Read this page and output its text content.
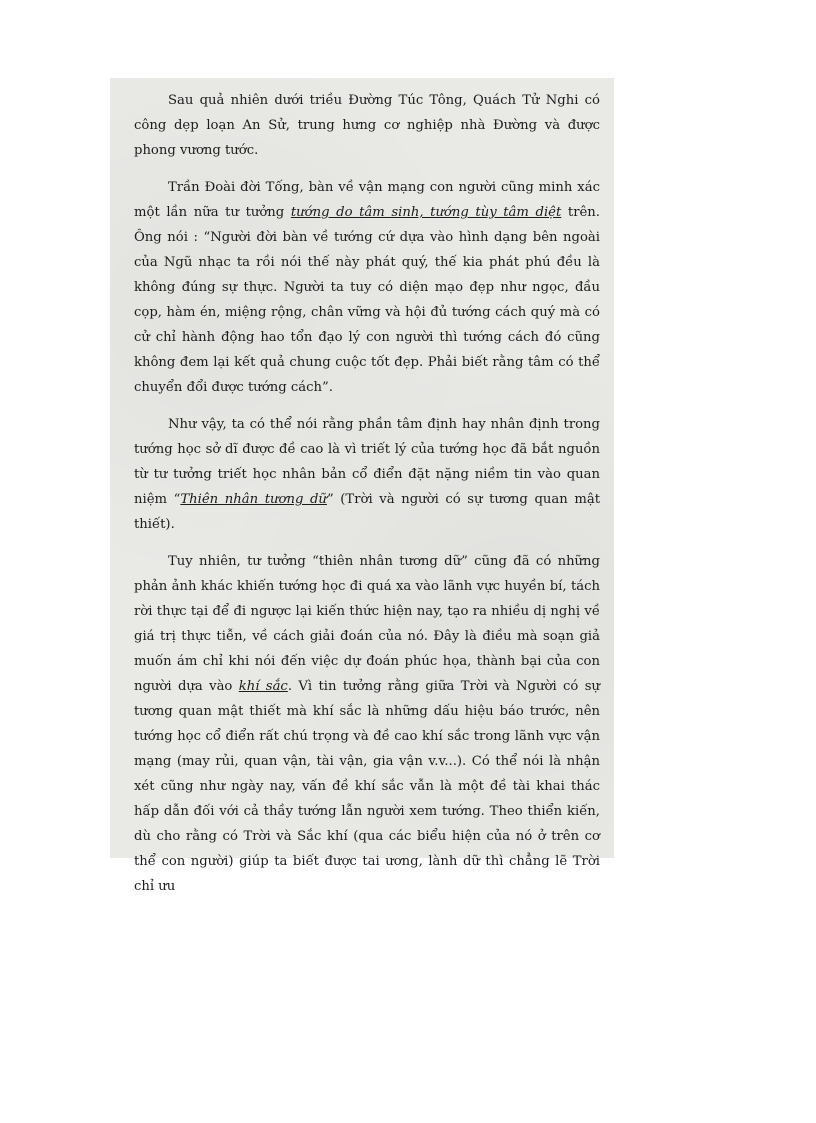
Sau quả nhiên dưới triều Đường Túc Tông, Quách Tử Nghi có công dẹp loạn An Sử, trung hưng cơ nghiệp nhà Đường và được phong vương tước.

Trần Đoài đời Tống, bàn về vận mạng con người cũng minh xác một lần nữa tư tưởng tướng do tâm sinh, tướng tùy tâm diệt trên. Ông nói : “Người đời bàn về tướng cứ dựa vào hình dạng bên ngoài của Ngũ nhạc ta rồi nói thế này phát quý, thế kia phát phú đều là không đúng sự thực. Người ta tuy có diện mạo đẹp như ngọc, đầu cọp, hàm én, miệng rộng, chân vững và hội đủ tướng cách quý mà có cử chỉ hành động hao tổn đạo lý con người thì tướng cách đó cũng không đem lại kết quả chung cuộc tốt đẹp. Phải biết rằng tâm có thể chuyển đổi được tướng cách”.

Như vậy, ta có thể nói rằng phần tâm định hay nhân định trong tướng học sở dĩ được đề cao là vì triết lý của tướng học đã bắt nguồn từ tư tưởng triết học nhân bản cổ điển đặt nặng niềm tin vào quan niệm “Thiên nhân tương dữ” (Trời và người có sự tương quan mật thiết).

Tuy nhiên, tư tưởng “thiên nhân tương dữ” cũng đã có những phản ảnh khác khiến tướng học đi quá xa vào lãnh vực huyền bí, tách rời thực tại để đi ngược lại kiến thức hiện nay, tạo ra nhiều dị nghị về giá trị thực tiễn, về cách giải đoán của nó. Đây là điều mà soạn giả muốn ám chỉ khi nói đến việc dự đoán phúc họa, thành bại của con người dựa vào khí sắc. Vì tin tưởng rằng giữa Trời và Người có sự tương quan mật thiết mà khí sắc là những dấu hiệu báo trước, nên tướng học cổ điển rất chú trọng và đề cao khí sắc trong lãnh vực vận mạng (may rủi, quan vận, tài vận, gia vận v.v...). Có thể nói là nhận xét cũng như ngày nay, vấn đề khí sắc vẫn là một đề tài khai thác hấp dẫn đối với cả thầy tướng lẫn người xem tướng. Theo thiển kiến, dù cho rằng có Trời và Sắc khí (qua các biểu hiện của nó ở trên cơ thể con người) giúp ta biết được tai ương, lành dữ thì chẳng lẽ Trời chỉ ưu
